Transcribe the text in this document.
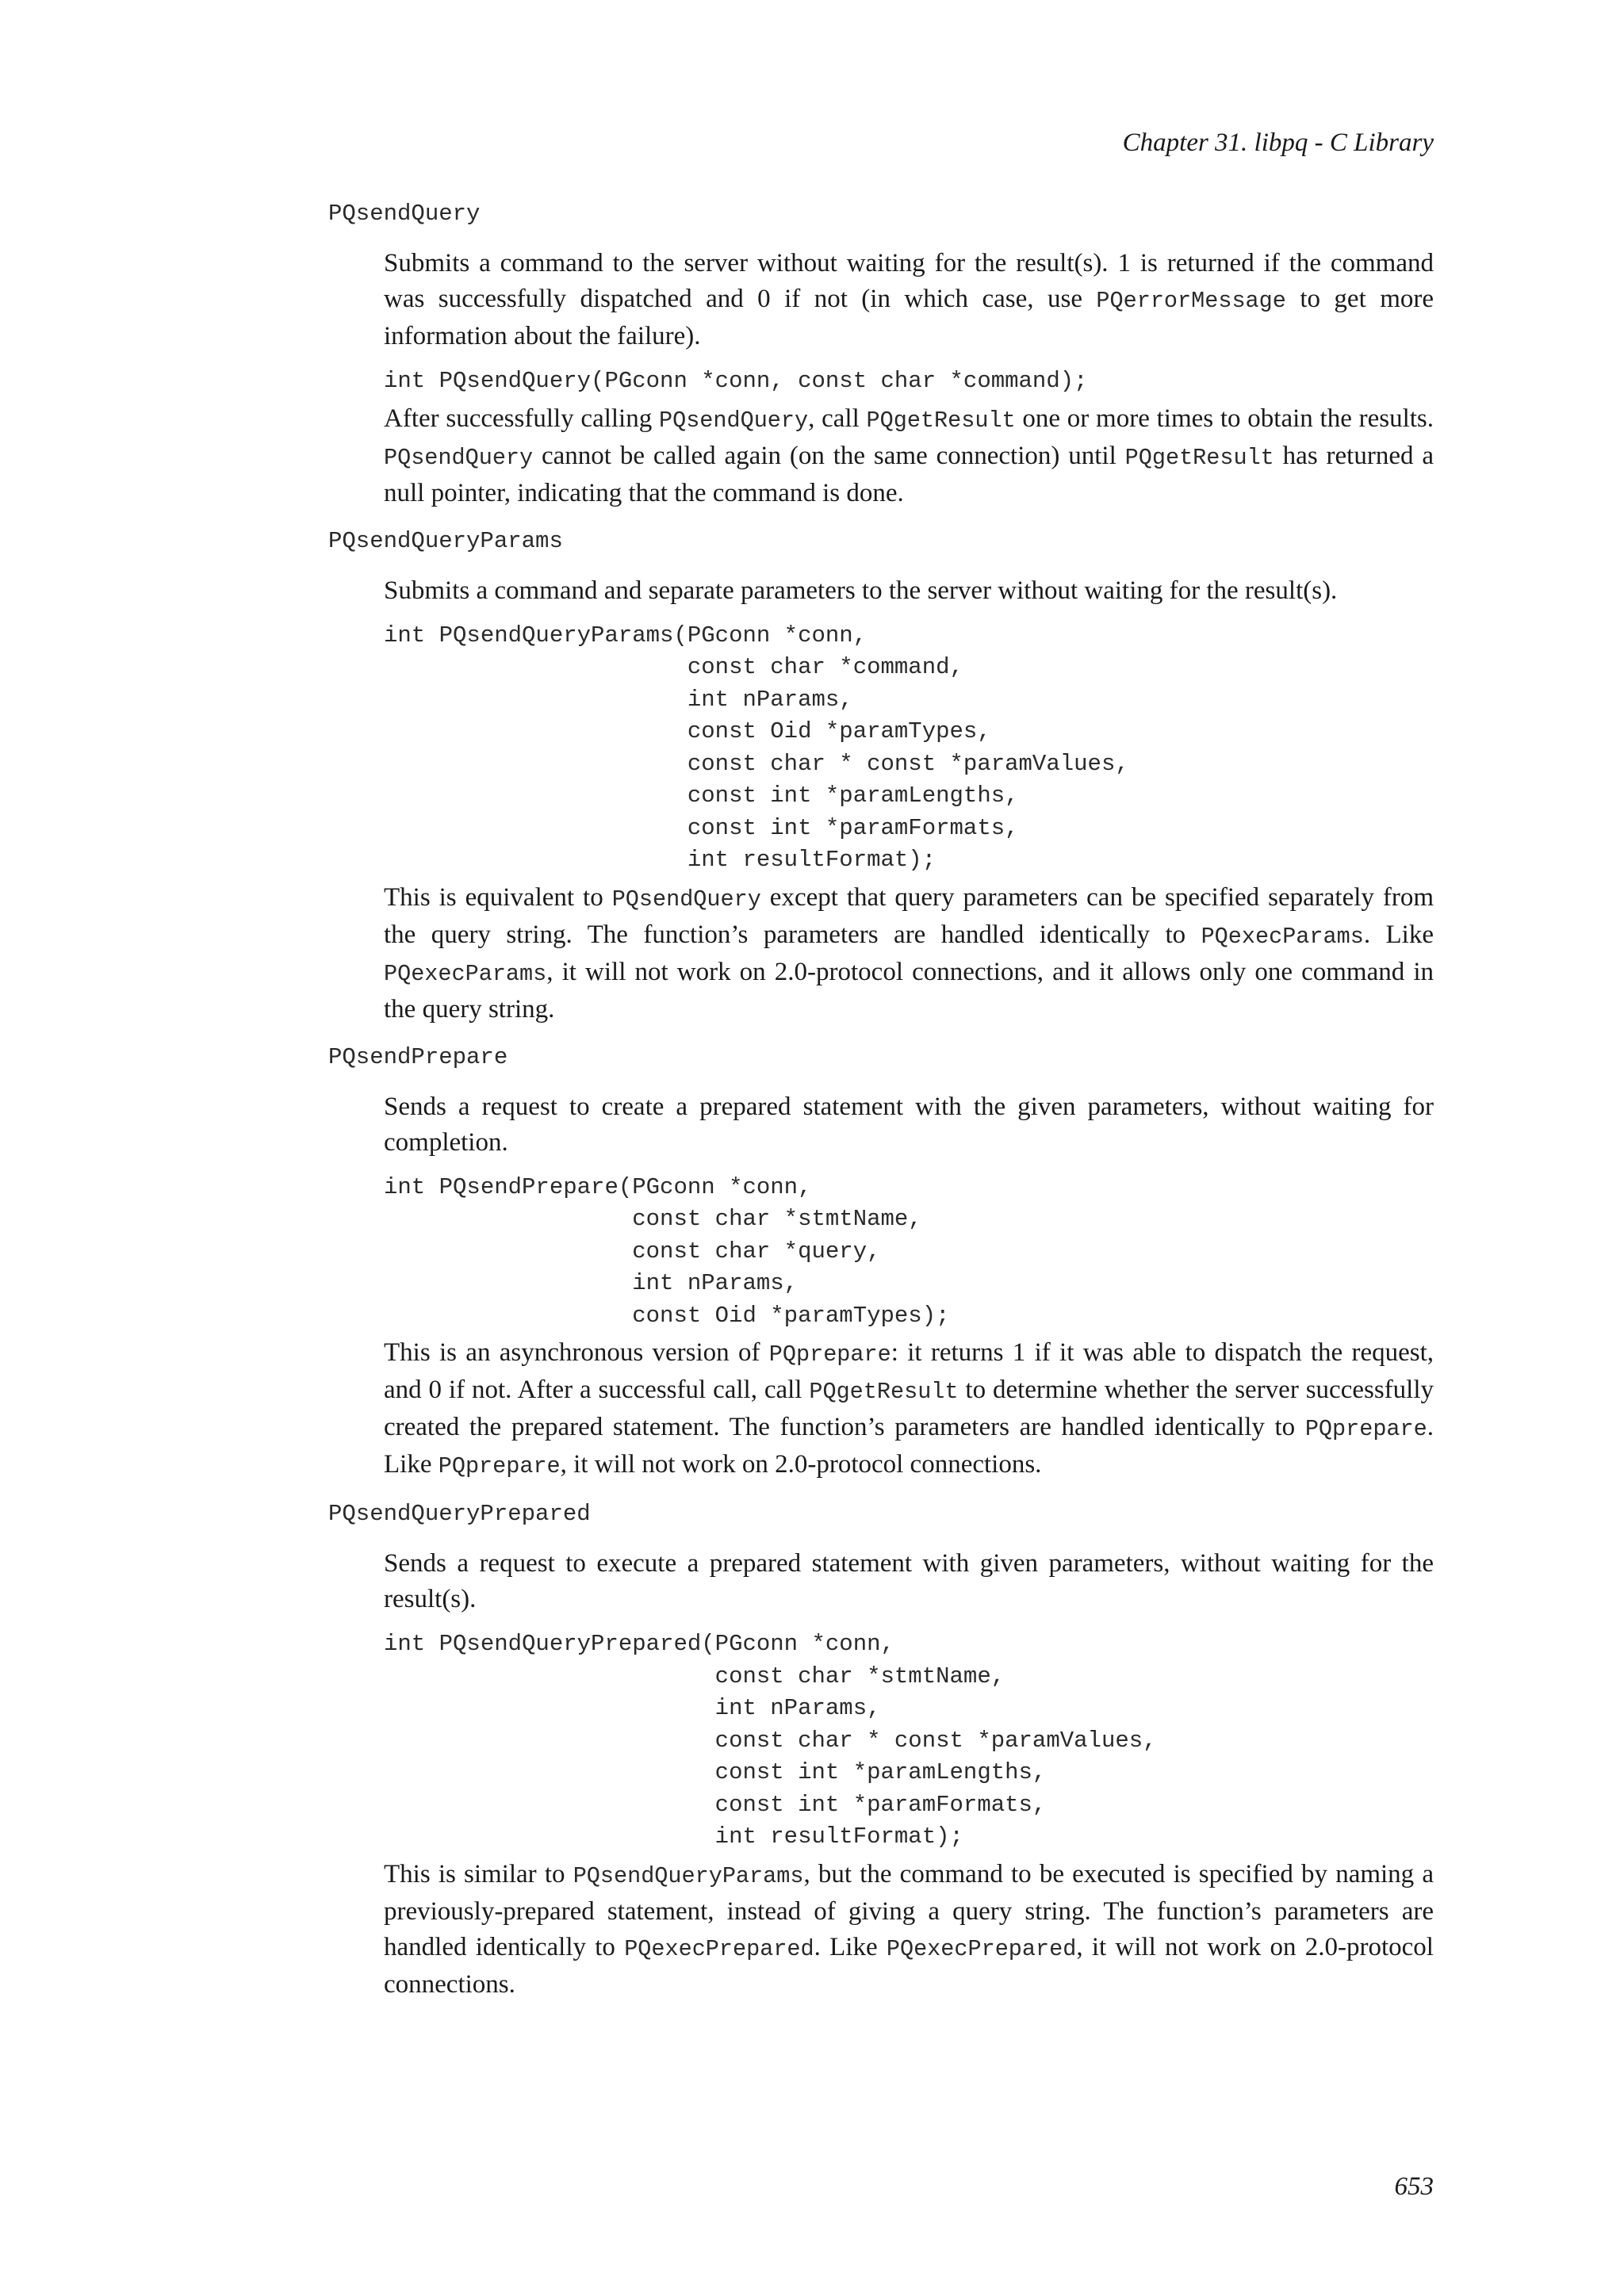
Chapter 31. libpq - C Library

PQsendQuery

Submits a command to the server without waiting for the result(s). 1 is returned if the command was successfully dispatched and 0 if not (in which case, use PQerrorMessage to get more information about the failure).

int PQsendQuery(PGconn *conn, const char *command);

After successfully calling PQsendQuery, call PQgetResult one or more times to obtain the results. PQsendQuery cannot be called again (on the same connection) until PQgetResult has returned a null pointer, indicating that the command is done.

PQsendQueryParams

Submits a command and separate parameters to the server without waiting for the result(s).

int PQsendQueryParams(PGconn *conn,
const char *command,
int nParams,
const Oid *paramTypes,
const char * const *paramValues,
const int *paramLengths,
const int *paramFormats,
int resultFormat);

This is equivalent to PQsendQuery except that query parameters can be specified separately from the query string. The function’s parameters are handled identically to PQexecParams. Like PQexecParams, it will not work on 2.0-protocol connections, and it allows only one command in the query string.

PQsendPrepare

Sends a request to create a prepared statement with the given parameters, without waiting for completion.

int PQsendPrepare(PGconn *conn,
const char *stmtName,
const char *query,
int nParams,
const Oid *paramTypes);

This is an asynchronous version of PQprepare: it returns 1 if it was able to dispatch the request, and 0 if not. After a successful call, call PQgetResult to determine whether the server successfully created the prepared statement. The function’s parameters are handled identically to PQprepare. Like PQprepare, it will not work on 2.0-protocol connections.

PQsendQueryPrepared

Sends a request to execute a prepared statement with given parameters, without waiting for the result(s).

int PQsendQueryPrepared(PGconn *conn,
const char *stmtName,
int nParams,
const char * const *paramValues,
const int *paramLengths,
const int *paramFormats,
int resultFormat);

This is similar to PQsendQueryParams, but the command to be executed is specified by naming a previously-prepared statement, instead of giving a query string. The function’s parameters are handled identically to PQexecPrepared. Like PQexecPrepared, it will not work on 2.0-protocol connections.

653
